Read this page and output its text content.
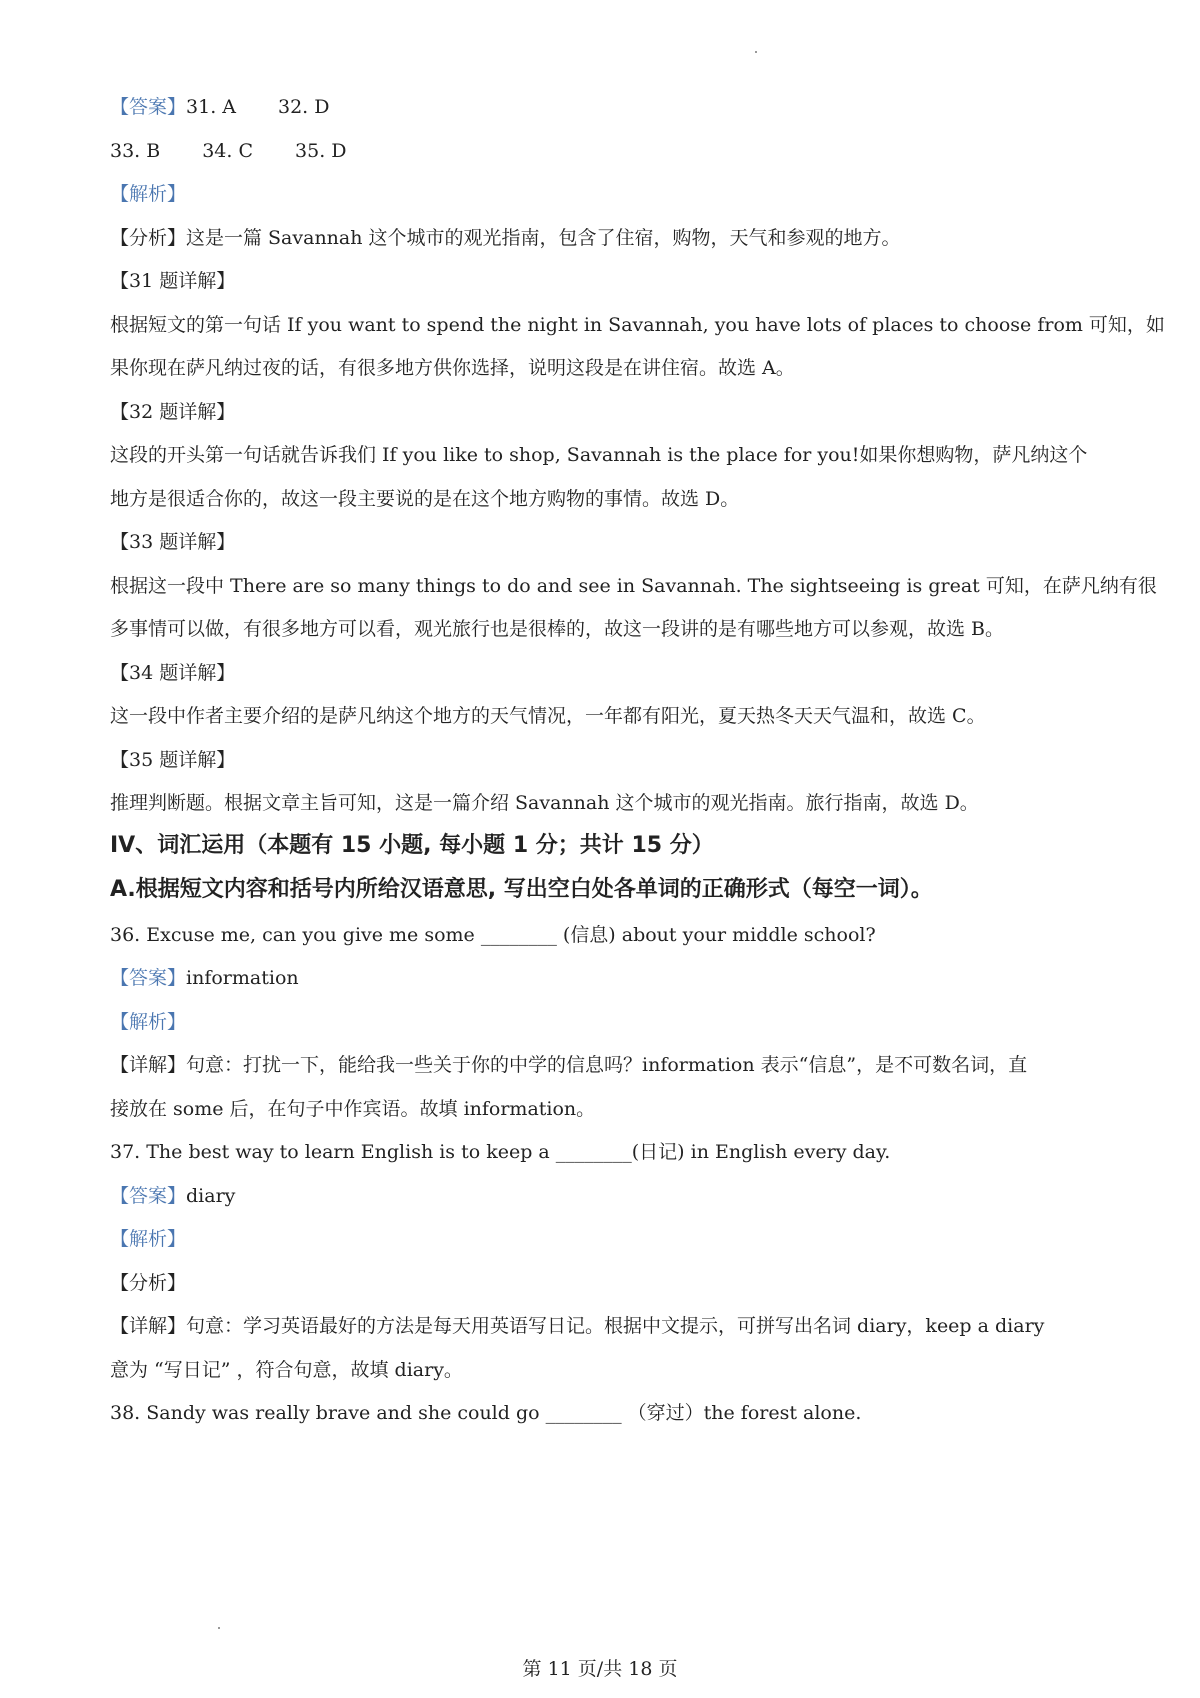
【答案】31. A 32. D
33. B 34. C 35. D
【解析】
【分析】这是一篇 Savannah 这个城市的观光指南，包含了住宿，购物，天气和参观的地方。
【31 题详解】
根据短文的第一句话 If you want to spend the night in Savannah, you have lots of places to choose from 可知，如
果你现在萨凡纳过夜的话，有很多地方供你选择，说明这段是在讲住宿。故选 A。
【32 题详解】
这段的开头第一句话就告诉我们 If you like to shop, Savannah is the place for you!如果你想购物，萨凡纳这个
地方是很适合你的，故这一段主要说的是在这个地方购物的事情。故选 D。
【33 题详解】
根据这一段中 There are so many things to do and see in Savannah. The sightseeing is great 可知，在萨凡纳有很
多事情可以做，有很多地方可以看，观光旅行也是很棒的，故这一段讲的是有哪些地方可以参观，故选 B。
【34 题详解】
这一段中作者主要介绍的是萨凡纳这个地方的天气情况，一年都有阳光，夏天热冬天天气温和，故选 C。
【35 题详解】
推理判断题。根据文章主旨可知，这是一篇介绍 Savannah 这个城市的观光指南。旅行指南，故选 D。
IV、词汇运用（本题有 15 小题, 每小题 1 分；共计 15 分）
A.根据短文内容和括号内所给汉语意思, 写出空白处各单词的正确形式（每空一词）。
36. Excuse me, can you give me some ________ (信息) about your middle school?
【答案】information
【解析】
【详解】句意：打扰一下，能给我一些关于你的中学的信息吗？information 表示“信息”，是不可数名词，直
接放在 some 后，在句子中作宾语。故填 information。
37. The best way to learn English is to keep a ________(日记) in English every day.
【答案】diary
【解析】
【分析】
【详解】句意：学习英语最好的方法是每天用英语写日记。根据中文提示，可拼写出名词 diary，keep a diary
意为 “写日记” ，符合句意，故填 diary。
38. Sandy was really brave and she could go ________ （穿过）the forest alone.
第 11 页/共 18 页
